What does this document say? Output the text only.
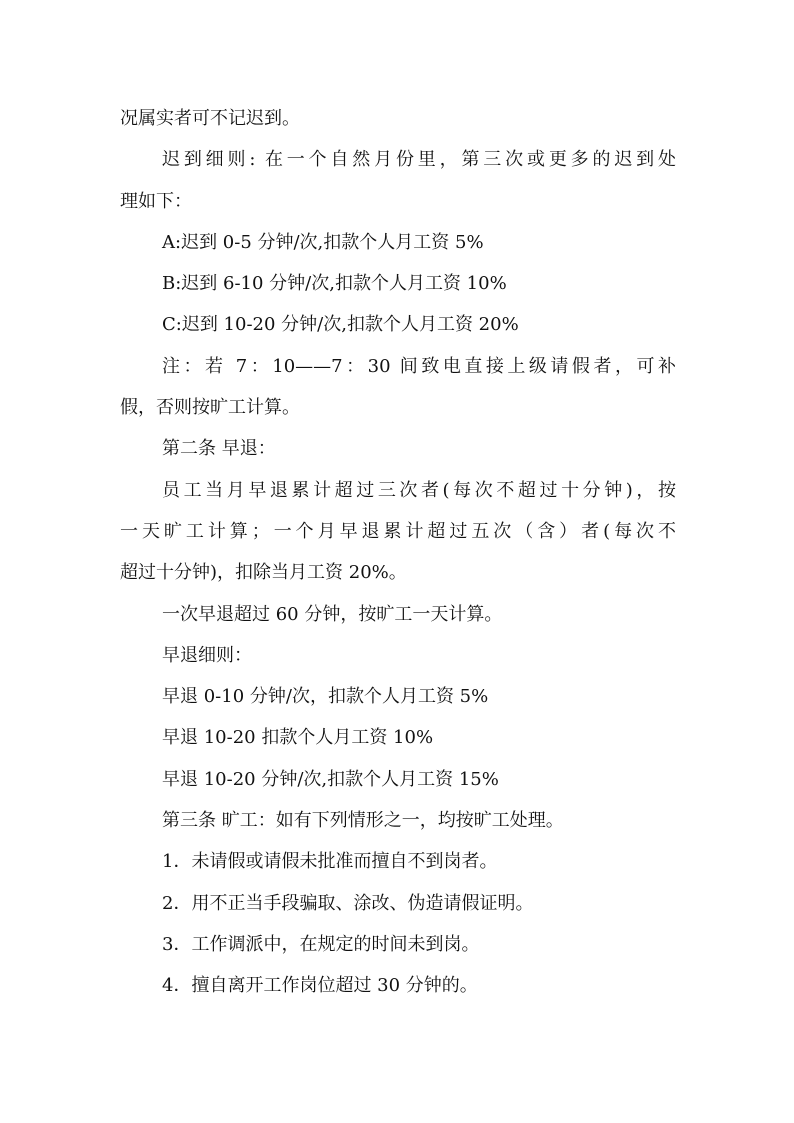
况属实者可不记迟到。
迟到细则: 在一个自然月份里，第三次或更多的迟到处
理如下：
A:迟到 0-5 分钟/次,扣款个人月工资 5%
B:迟到 6-10 分钟/次,扣款个人月工资 10%
C:迟到 10-20 分钟/次,扣款个人月工资 20%
注：若 7：10——7：30 间致电直接上级请假者，可补
假，否则按旷工计算。
第二条 早退：
员工当月早退累计超过三次者(每次不超过十分钟)，按
一天旷工计算；一个月早退累计超过五次（含）者(每次不
超过十分钟)，扣除当月工资 20%。
一次早退超过 60 分钟，按旷工一天计算。
早退细则：
早退 0-10 分钟/次，扣款个人月工资 5%
早退 10-20 扣款个人月工资 10%
早退 10-20 分钟/次,扣款个人月工资 15%
第三条 旷工：如有下列情形之一，均按旷工处理。
1．未请假或请假未批准而擅自不到岗者。
2．用不正当手段骗取、涂改、伪造请假证明。
3．工作调派中，在规定的时间未到岗。
4．擅自离开工作岗位超过 30 分钟的。
